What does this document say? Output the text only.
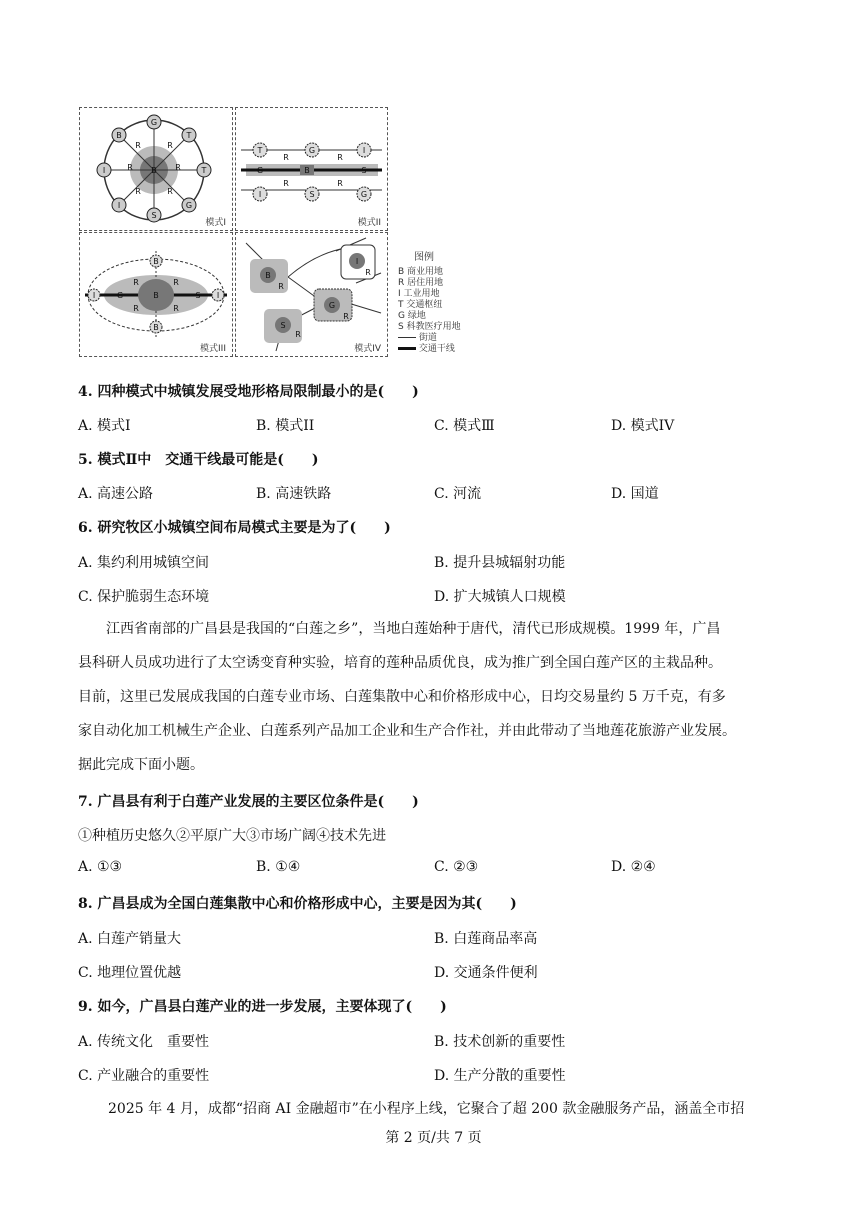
G
T
T
G
S
I
I
B
B
R	R
R	R
R	R
模式I
T	G	I
I	S	G
G	B	S
R	R
R	R
模式II
B
B
I	I
G	S
B
R	R
R	R
模式III
B
I
G
S
R
R
R
R
模式IV
图例
B 商业用地
R 居住用地
I 工业用地
T 交通枢纽
G 绿地
S 科教医疗用地
街道
交通干线
4. 四种模式中城镇发展受地形格局限制最小的是(　　)
A. 模式I	B. 模式II	C. 模式Ⅲ	D. 模式IV
5. 模式Ⅱ中　交通干线最可能是(　　)
A. 高速公路	B. 高速铁路	C. 河流	D. 国道
6. 研究牧区小城镇空间布局模式主要是为了(　　)
A. 集约利用城镇空间	B. 提升县城辐射功能
C. 保护脆弱生态环境	D. 扩大城镇人口规模
江西省南部的广昌县是我国的“白莲之乡”，当地白莲始种于唐代，清代已形成规模。1999 年，广昌
县科研人员成功进行了太空诱变育种实验，培育的莲种品质优良，成为推广到全国白莲产区的主栽品种。
目前，这里已发展成我国的白莲专业市场、白莲集散中心和价格形成中心，日均交易量约 5 万千克，有多
家自动化加工机械生产企业、白莲系列产品加工企业和生产合作社，并由此带动了当地莲花旅游产业发展。
据此完成下面小题。
7. 广昌县有利于白莲产业发展的主要区位条件是(　　)
①种植历史悠久②平原广大③市场广阔④技术先进
A. ①③	B. ①④	C. ②③	D. ②④
8. 广昌县成为全国白莲集散中心和价格形成中心，主要是因为其(　　)
A. 白莲产销量大	B. 白莲商品率高
C. 地理位置优越	D. 交通条件便利
9. 如今，广昌县白莲产业的进一步发展，主要体现了(　　)
A. 传统文化　重要性	B. 技术创新的重要性
C. 产业融合的重要性	D. 生产分散的重要性
2025 年 4 月，成都“招商 AI 金融超市”在小程序上线，它聚合了超 200 款金融服务产品，涵盖全市招
第 2 页/共 7 页
